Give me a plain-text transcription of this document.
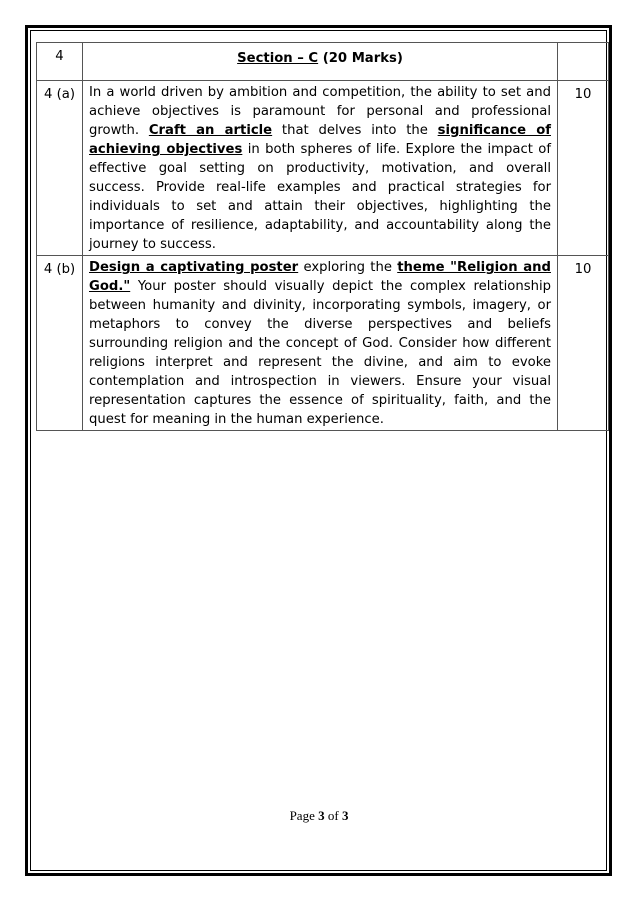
4	Section – C (20 Marks)	
4 (a)	In a world driven by ambition and competition, the ability to set and achieve objectives is paramount for personal and professional growth. Craft an article that delves into the significance of achieving objectives in both spheres of life. Explore the impact of effective goal setting on productivity, motivation, and overall success. Provide real-life examples and practical strategies for individuals to set and attain their objectives, highlighting the importance of resilience, adaptability, and accountability along the journey to success.	10
4 (b)	Design a captivating poster exploring the theme "Religion and God." Your poster should visually depict the complex relationship between humanity and divinity, incorporating symbols, imagery, or metaphors to convey the diverse perspectives and beliefs surrounding religion and the concept of God. Consider how different religions interpret and represent the divine, and aim to evoke contemplation and introspection in viewers. Ensure your visual representation captures the essence of spirituality, faith, and the quest for meaning in the human experience.	10
Page 3 of 3
